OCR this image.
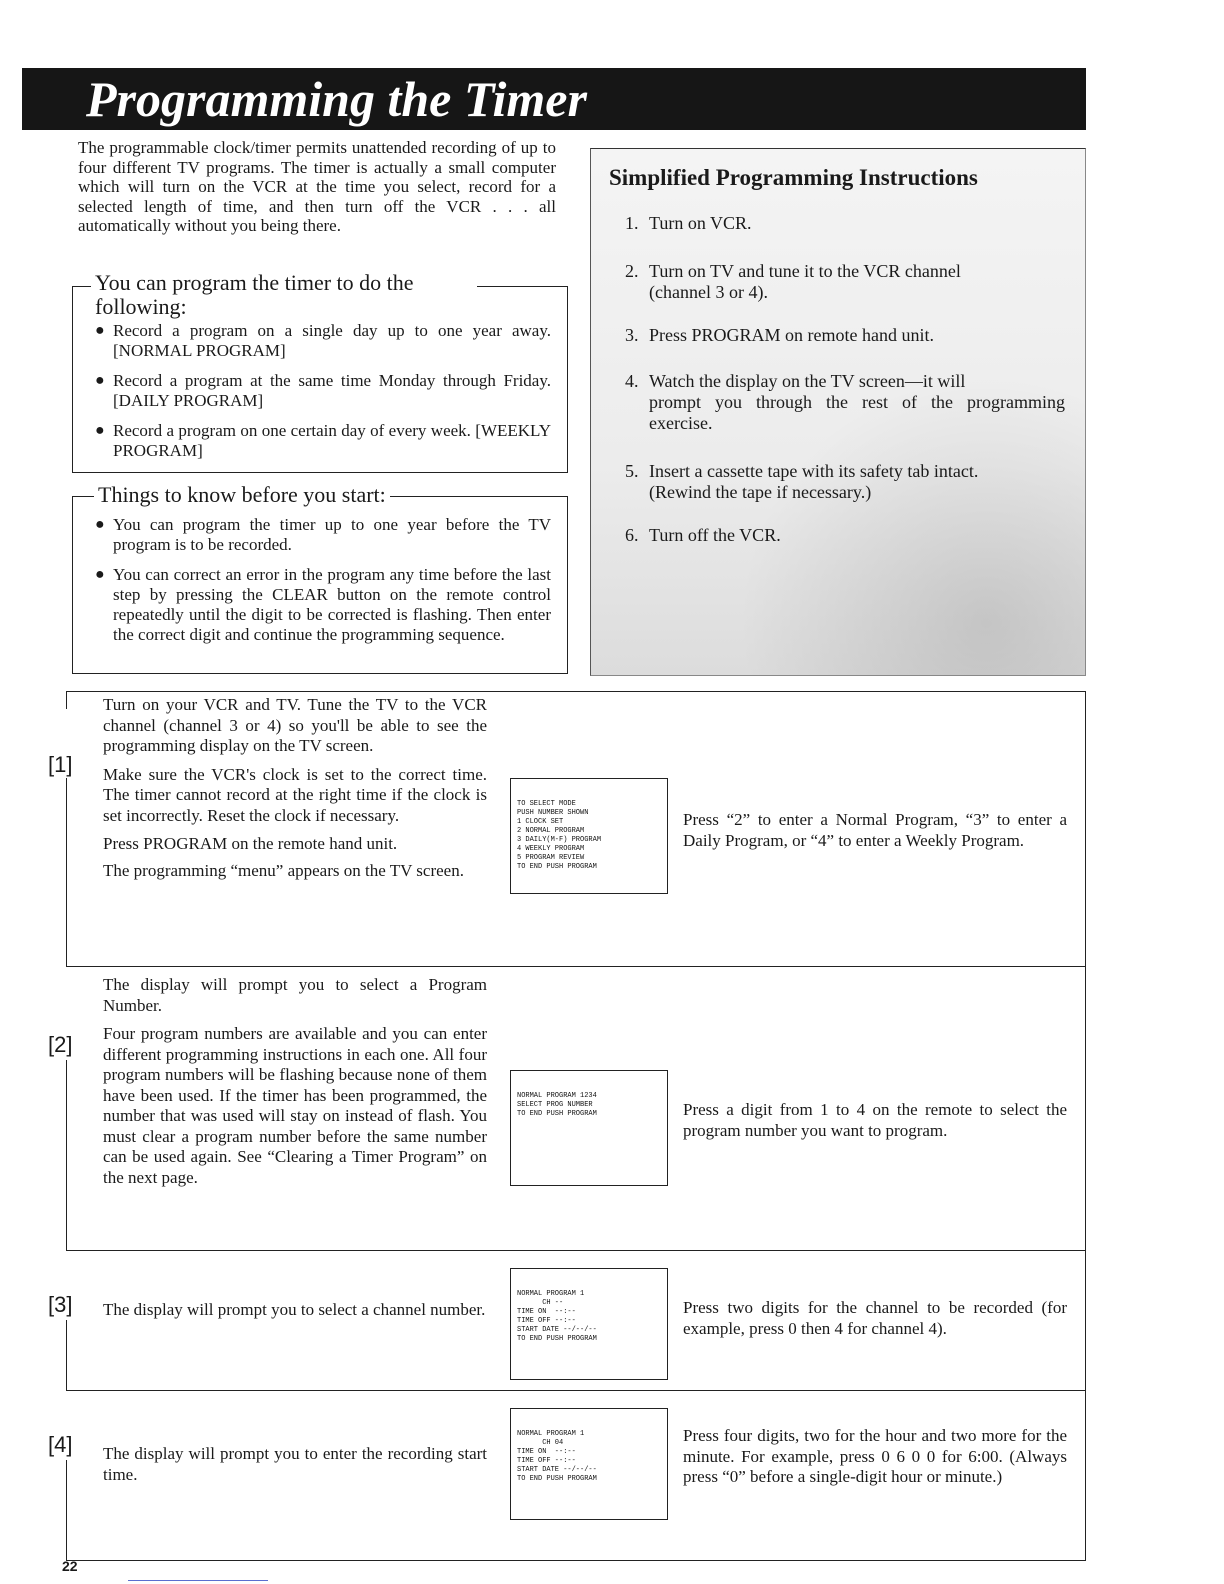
Programming the Timer

The programmable clock/timer permits unattended recording of up to four different TV programs. The timer is actually a small computer which will turn on the VCR at the time you select, record for a selected length of time, and then turn off the VCR . . . all automatically without you being there.

● Record a program on a single day up to one year away. [NORMAL PROGRAM]
● Record a program at the same time Monday through Friday. [DAILY PROGRAM]
● Record a program on one certain day of every week. [WEEKLY PROGRAM]
You can program the timer to do the
following:
● You can program the timer up to one year before the TV program is to be recorded.
● You can correct an error in the program any time before the last step by pressing the CLEAR button on the remote control repeatedly until the digit to be corrected is flashing. Then enter the correct digit and continue the programming sequence.
Things to know before you start:
Simplified Programming Instructions
1. Turn on VCR.
2. Turn on TV and tune it to the VCR channel
(channel 3 or 4).
3. Press PROGRAM on remote hand unit.
4. Watch the display on the TV screen—it will
prompt you through the rest of the programming exercise.
5. Insert a cassette tape with its safety tab intact.
(Rewind the tape if necessary.)
6. Turn off the VCR.
[1]

Turn on your VCR and TV. Tune the TV to the VCR channel (channel 3 or 4) so you'll be able to see the programming display on the TV screen.

Make sure the VCR's clock is set to the correct time. The timer cannot record at the right time if the clock is set incorrectly. Reset the clock if necessary.

Press PROGRAM on the remote hand unit.

The programming “menu” appears on the TV screen.

TO SELECT MODE
PUSH NUMBER SHOWN
1 CLOCK SET
2 NORMAL PROGRAM
3 DAILY(M-F) PROGRAM
4 WEEKLY PROGRAM
5 PROGRAM REVIEW
TO END PUSH PROGRAM

Press “2” to enter a Normal Program, “3” to enter a Daily Program, or “4” to enter a Weekly Program.
[2]

The display will prompt you to select a Program Number.

Four program numbers are available and you can enter different programming instructions in each one. All four program numbers will be flashing because none of them have been used. If the timer has been programmed, the number that was used will stay on instead of flash. You must clear a program number before the same number can be used again. See “Clearing a Timer Program” on the next page.

NORMAL PROGRAM 1234
SELECT PROG NUMBER
TO END PUSH PROGRAM	Press a digit from 1 to 4 on the remote to select the program number you want to program.
[3] The display will prompt you to select a channel number.

NORMAL PROGRAM 1
CH --
TIME ON  --:--
TIME OFF --:--
START DATE --/--/--
TO END PUSH PROGRAM

Press two digits for the channel to be recorded (for example, press 0 then 4 for channel 4).
[4] The display will prompt you to enter the recording start time.

NORMAL PROGRAM 1
CH 04
TIME ON  --:--
TIME OFF --:--
START DATE --/--/--
TO END PUSH PROGRAM

Press four digits, two for the hour and two more for the minute. For example, press 0 6 0 0 for 6:00. (Always press “0” before a single-digit hour or minute.)
22
